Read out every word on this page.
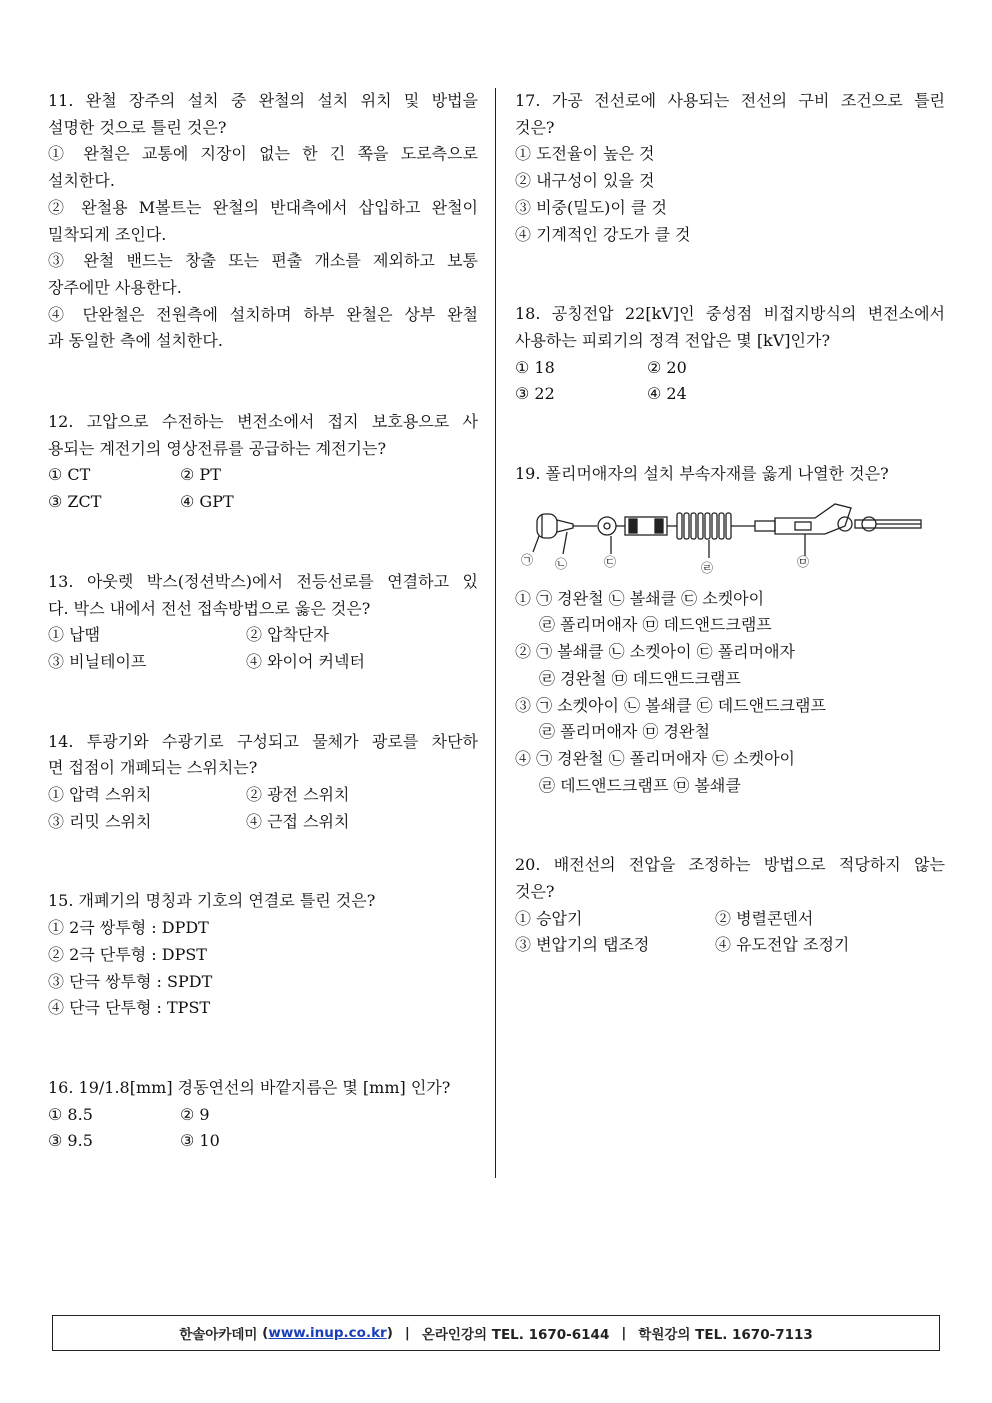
11. 완철 장주의 설치 중 완철의 설치 위치 및 방법을
설명한 것으로 틀린 것은?
① 완철은 교통에 지장이 없는 한 긴 쪽을 도로측으로
설치한다.
② 완철용 M볼트는 완철의 반대측에서 삽입하고 완철이
밀착되게 조인다.
③ 완철 밴드는 창출 또는 편출 개소를 제외하고 보통
장주에만 사용한다.
④ 단완철은 전원측에 설치하며 하부 완철은 상부 완철
과 동일한 측에 설치한다.
12. 고압으로 수전하는 변전소에서 접지 보호용으로 사
용되는 계전기의 영상전류를 공급하는 계전기는?
① CT	② PT
③ ZCT	④ GPT
13. 아웃렛 박스(정션박스)에서 전등선로를 연결하고 있
다. 박스 내에서 전선 접속방법으로 옳은 것은?
① 납땜	② 압착단자
③ 비닐테이프	④ 와이어 커넥터
14. 투광기와 수광기로 구성되고 물체가 광로를 차단하
면 접점이 개폐되는 스위치는?
① 압력 스위치	② 광전 스위치
③ 리밋 스위치	④ 근접 스위치
15. 개폐기의 명칭과 기호의 연결로 틀린 것은?
① 2극 쌍투형 : DPDT
② 2극 단투형 : DPST
③ 단극 쌍투형 : SPDT
④ 단극 단투형 : TPST
16. 19/1.8[mm] 경동연선의 바깥지름은 몇 [mm] 인가?
① 8.5	② 9
③ 9.5	③ 10
17. 가공 전선로에 사용되는 전선의 구비 조건으로 틀린
것은?
① 도전율이 높은 것
② 내구성이 있을 것
③ 비중(밀도)이 클 것
④ 기계적인 강도가 클 것
18. 공칭전압 22[kV]인 중성점 비접지방식의 변전소에서
사용하는 피뢰기의 정격 전압은 몇 [kV]인가?
① 18	② 20
③ 22	④ 24
19. 폴리머애자의 설치 부속자재를 옳게 나열한 것은?
㉠ ㉡	㉢	㉣	㉤
① ㉠ 경완철 ㉡ 볼쇄클 ㉢ 소켓아이
㉣ 폴리머애자 ㉤ 데드앤드크램프
② ㉠ 볼쇄클 ㉡ 소켓아이 ㉢ 폴리머애자
㉣ 경완철 ㉤ 데드앤드크램프
③ ㉠ 소켓아이 ㉡ 볼쇄클 ㉢ 데드앤드크램프
㉣ 폴리머애자 ㉤ 경완철
④ ㉠ 경완철 ㉡ 폴리머애자 ㉢ 소켓아이
㉣ 데드앤드크램프 ㉤ 볼쇄클
20. 배전선의 전압을 조정하는 방법으로 적당하지 않는
것은?
① 승압기	② 병렬콘덴서
③ 변압기의 탭조정	④ 유도전압 조정기
한솔아카데미 ( www.inup.co.kr ) | 온라인강의 TEL. 1670-6144 | 학원강의 TEL. 1670-7113
